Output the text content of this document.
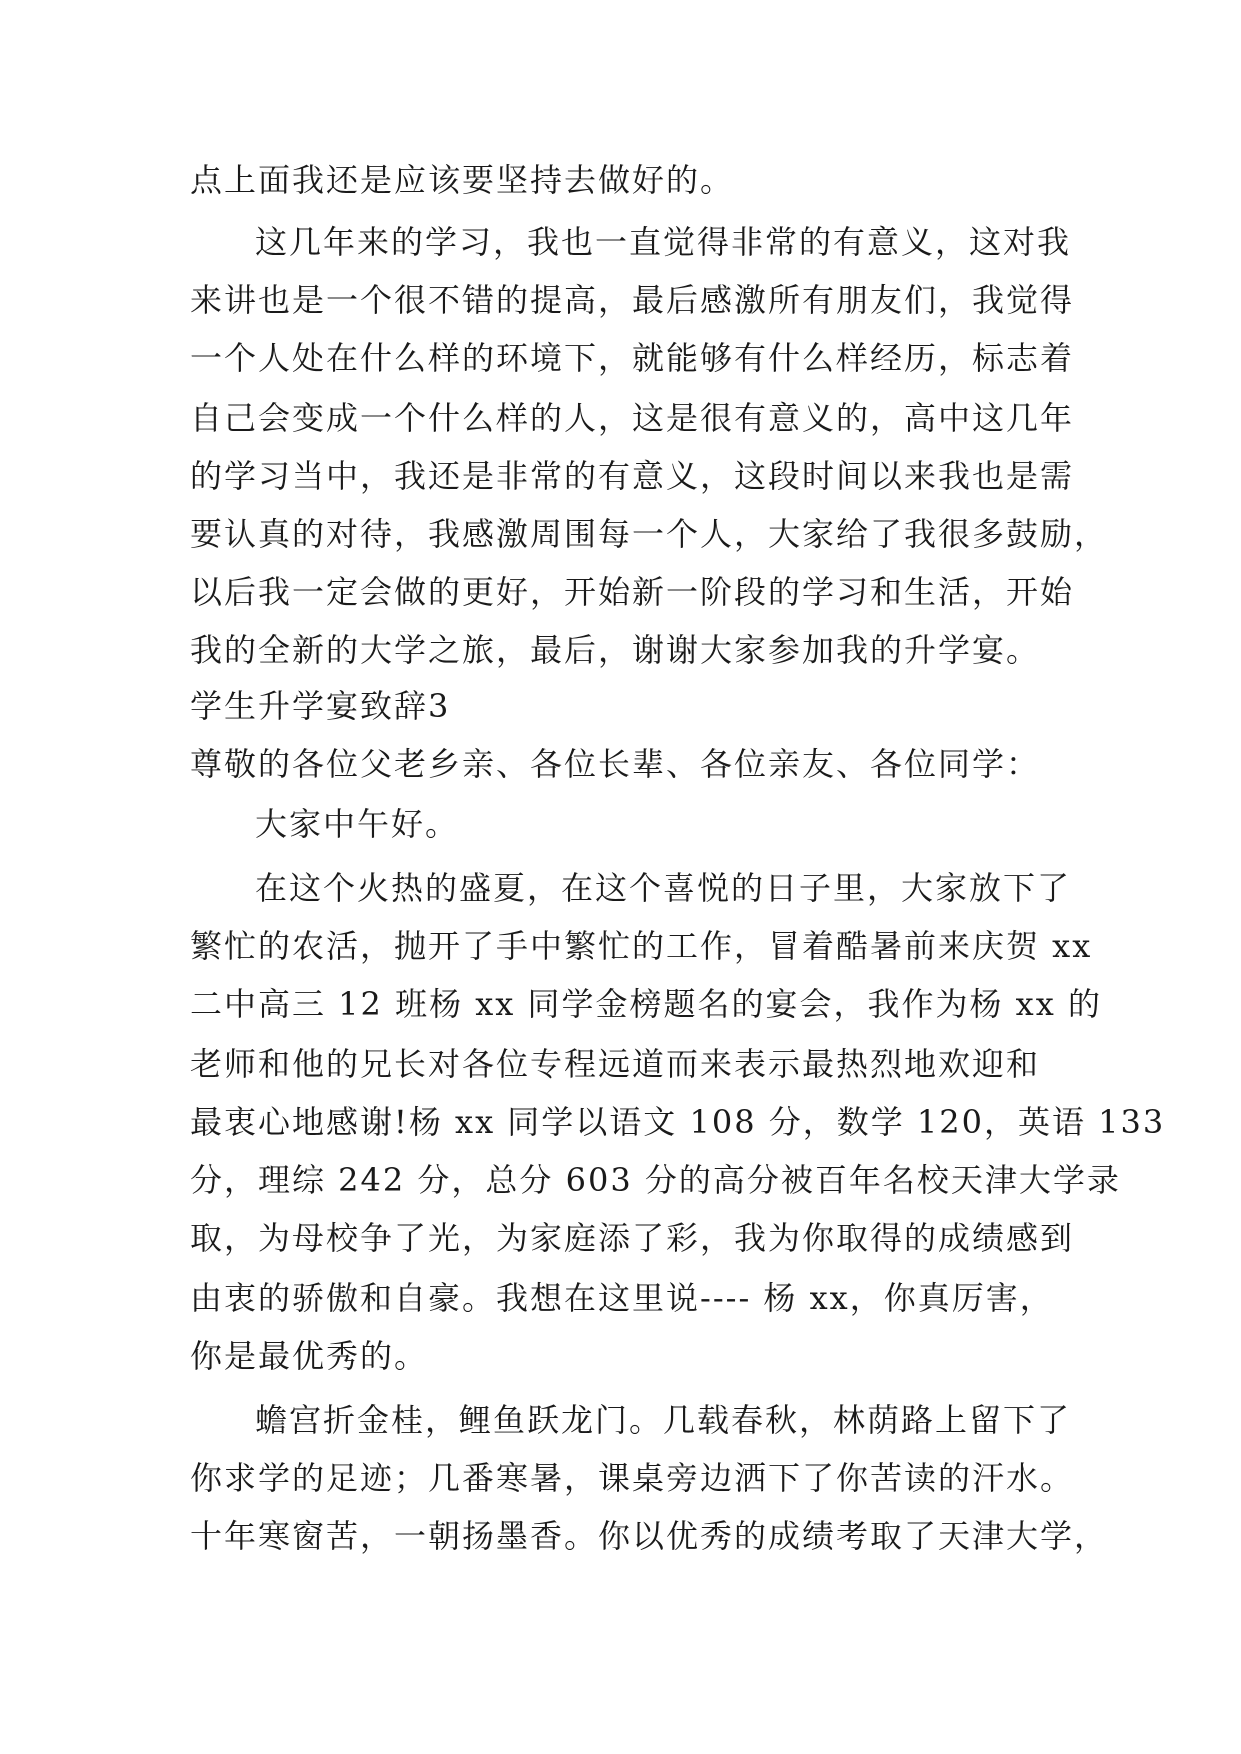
点上面我还是应该要坚持去做好的。
这几年来的学习，我也一直觉得非常的有意义，这对我
来讲也是一个很不错的提高，最后感激所有朋友们，我觉得
一个人处在什么样的环境下，就能够有什么样经历，标志着
自己会变成一个什么样的人，这是很有意义的，高中这几年
的学习当中，我还是非常的有意义，这段时间以来我也是需
要认真的对待，我感激周围每一个人，大家给了我很多鼓励，
以后我一定会做的更好，开始新一阶段的学习和生活，开始
我的全新的大学之旅，最后，谢谢大家参加我的升学宴。
学生升学宴致辞3
尊敬的各位父老乡亲、各位长辈、各位亲友、各位同学：
大家中午好。
在这个火热的盛夏，在这个喜悦的日子里，大家放下了
繁忙的农活，抛开了手中繁忙的工作，冒着酷暑前来庆贺 xx
二中高三 12 班杨 xx 同学金榜题名的宴会，我作为杨 xx 的
老师和他的兄长对各位专程远道而来表示最热烈地欢迎和
最衷心地感谢!杨 xx 同学以语文 108 分，数学 120，英语 133
分，理综 242 分，总分 603 分的高分被百年名校天津大学录
取，为母校争了光，为家庭添了彩，我为你取得的成绩感到
由衷的骄傲和自豪。我想在这里说---- 杨 xx，你真厉害，
你是最优秀的。
蟾宫折金桂，鲤鱼跃龙门。几载春秋，林荫路上留下了
你求学的足迹；几番寒暑，课桌旁边洒下了你苦读的汗水。
十年寒窗苦，一朝扬墨香。你以优秀的成绩考取了天津大学，
